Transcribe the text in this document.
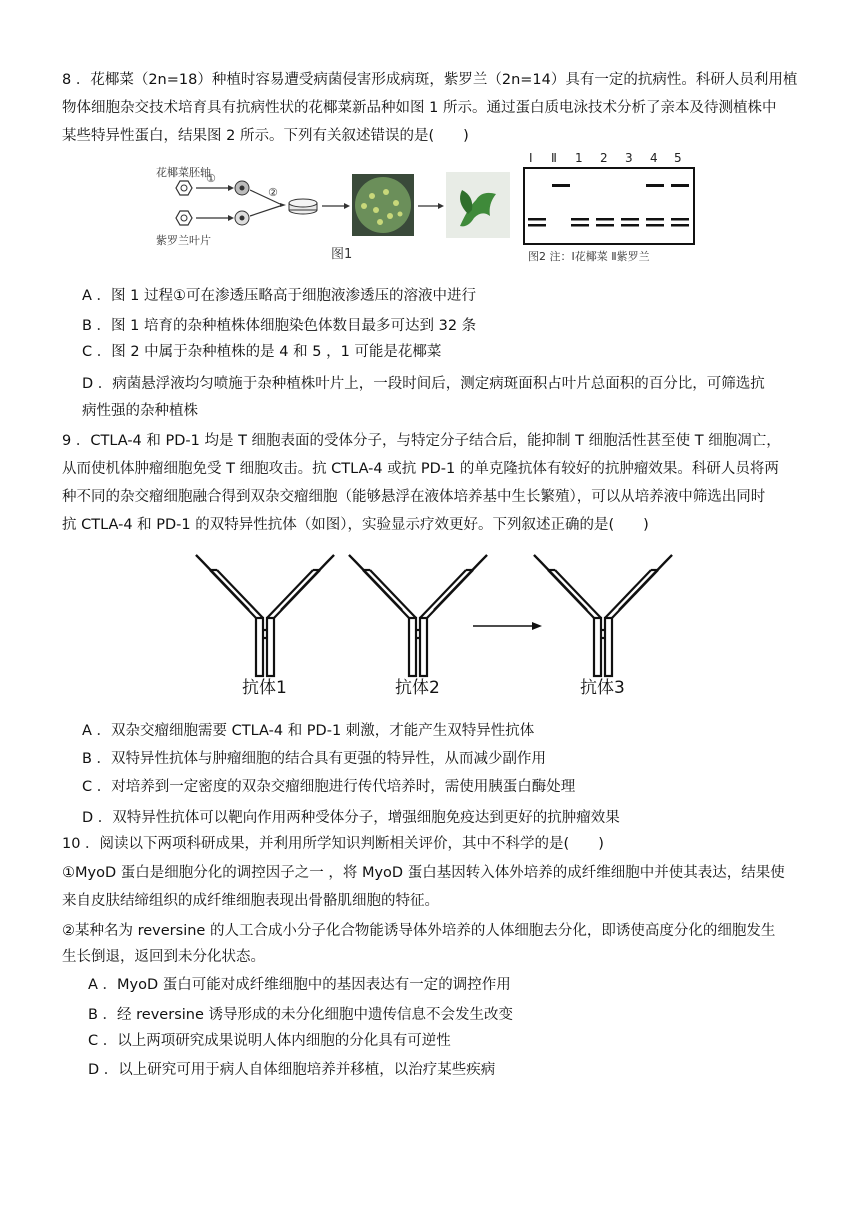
8 ．花椰菜（2n=18）种植时容易遭受病菌侵害形成病斑，紫罗兰（2n=14）具有一定的抗病性。科研人员利用植
物体细胞杂交技术培育具有抗病性状的花椰菜新品种如图 1 所示。通过蛋白质电泳技术分析了亲本及待测植株中
某些特异性蛋白，结果图 2 所示。下列有关叙述错误的是(　　)
花椰菜胚轴
紫罗兰叶片
①
②
图1
Ⅰ Ⅱ 1 2 3 4 5
图2 注：Ⅰ花椰菜 Ⅱ紫罗兰
A ．图 1 过程①可在渗透压略高于细胞液渗透压的溶液中进行
B ．图 1 培育的杂种植株体细胞染色体数目最多可达到 32 条
C ．图 2 中属于杂种植株的是 4 和 5 ，1 可能是花椰菜
D ．病菌悬浮液均匀喷施于杂种植株叶片上，一段时间后，测定病斑面积占叶片总面积的百分比，可筛选抗
病性强的杂种植株
9 ．CTLA-4 和 PD-1 均是 T 细胞表面的受体分子，与特定分子结合后，能抑制 T 细胞活性甚至使 T 细胞凋亡，
从而使机体肿瘤细胞免受 T 细胞攻击。抗 CTLA-4 或抗 PD-1 的单克隆抗体有较好的抗肿瘤效果。科研人员将两
种不同的杂交瘤细胞融合得到双杂交瘤细胞（能够悬浮在液体培养基中生长繁殖），可以从培养液中筛选出同时
抗 CTLA-4 和 PD-1 的双特异性抗体（如图），实验显示疗效更好。下列叙述正确的是(　　)
抗体1	抗体2	抗体3
A ．双杂交瘤细胞需要 CTLA-4 和 PD-1 刺激，才能产生双特异性抗体
B ．双特异性抗体与肿瘤细胞的结合具有更强的特异性，从而减少副作用
C ．对培养到一定密度的双杂交瘤细胞进行传代培养时，需使用胰蛋白酶处理
D ．双特异性抗体可以靶向作用两种受体分子，增强细胞免疫达到更好的抗肿瘤效果
10 ．阅读以下两项科研成果，并利用所学知识判断相关评价，其中不科学的是(　　)
①MyoD 蛋白是细胞分化的调控因子之一 ，将 MyoD 蛋白基因转入体外培养的成纤维细胞中并使其表达，结果使
来自皮肤结缔组织的成纤维细胞表现出骨骼肌细胞的特征。
②某种名为 reversine 的人工合成小分子化合物能诱导体外培养的人体细胞去分化，即诱使高度分化的细胞发生
生长倒退，返回到未分化状态。
A ．MyoD 蛋白可能对成纤维细胞中的基因表达有一定的调控作用
B ．经 reversine 诱导形成的未分化细胞中遗传信息不会发生改变
C ．以上两项研究成果说明人体内细胞的分化具有可逆性
D ．以上研究可用于病人自体细胞培养并移植，以治疗某些疾病
